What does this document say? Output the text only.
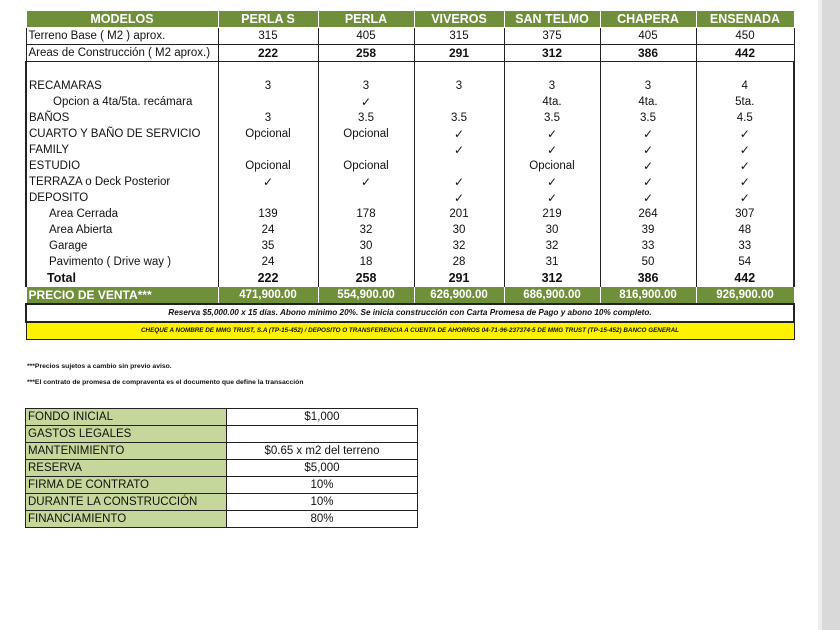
MODELOS	PERLA S	PERLA	VIVEROS	SAN TELMO	CHAPERA	ENSENADA
Terreno Base ( M2 ) aprox.	315	405	315	375	405	450
Areas de Construcción ( M2 aprox.)	222	258	291	312	386	442

RECAMARAS	3	3	3	3	3	4
Opcion a 4ta/5ta. recámara		✓		4ta.	4ta.	5ta.
BAÑOS	3	3.5	3.5	3.5	3.5	4.5
CUARTO Y BAÑO DE SERVICIO	Opcional	Opcional	✓	✓	✓	✓
FAMILY			✓	✓	✓	✓
ESTUDIO	Opcional	Opcional		Opcional	✓	✓
TERRAZA o Deck Posterior	✓	✓	✓	✓	✓	✓
DEPOSITO			✓	✓	✓	✓
Area Cerrada	139	178	201	219	264	307
Area Abierta	24	32	30	30	39	48
Garage	35	30	32	32	33	33
Pavimento ( Drive way )	24	18	28	31	50	54
Total	222	258	291	312	386	442
PRECIO DE VENTA***	471,900.00	554,900.00	626,900.00	686,900.00	816,900.00	926,900.00
Reserva $5,000.00 x 15 días. Abono mínimo 20%. Se inicia construcción con Carta Promesa de Pago y abono 10% completo.						
CHEQUE A NOMBRE DE MMG TRUST, S.A (TP-15-452) / DEPOSITO O TRANSFERENCIA A CUENTA DE AHORROS 04-71-96-237374-5 DE MMG TRUST (TP-15-452) BANCO GENERAL						
***Precios sujetos a cambio sin previo aviso.
***El contrato de promesa de compraventa es el documento que define la transacción
FONDO INICIAL	$1,000
GASTOS LEGALES	
MANTENIMIENTO	$0.65 x m2 del terreno
RESERVA	$5,000
FIRMA DE CONTRATO	10%
DURANTE LA CONSTRUCCIÓN	10%
FINANCIAMIENTO	80%
